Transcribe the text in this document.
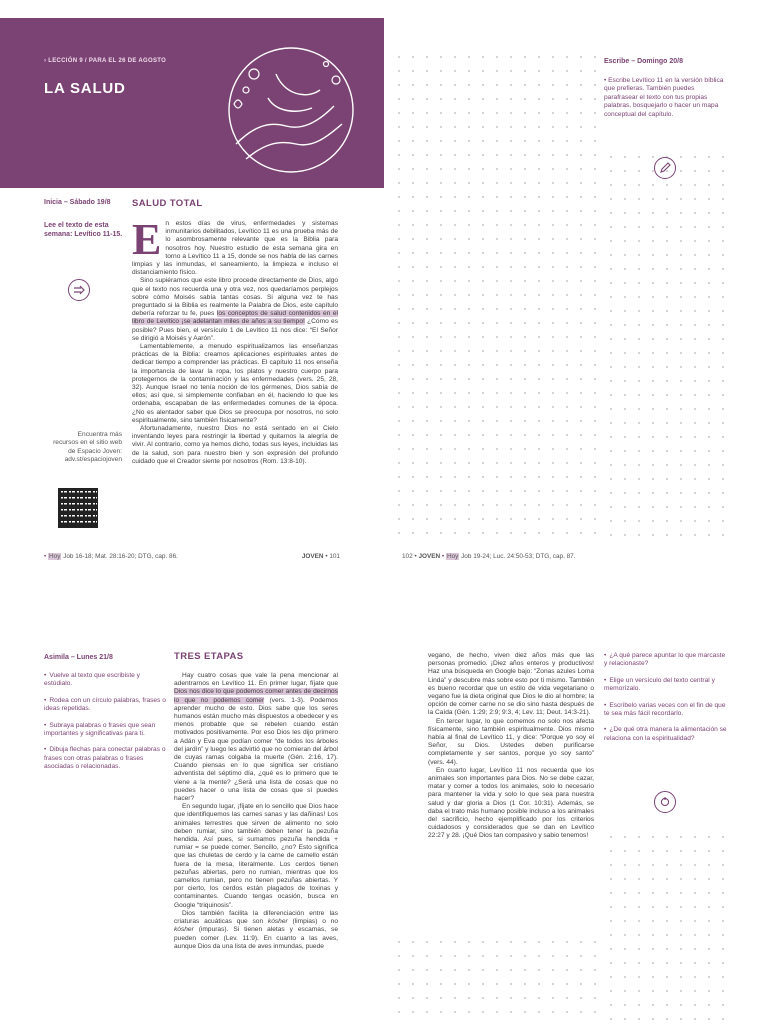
› LECCIÓN 9 / PARA EL 26 DE AGOSTO
LA SALUD
Inicia – Sábado 19/8
Lee el texto de esta semana: Levítico 11-15.
Encuentra más recursos en el sitio web de Espacio Joven: adv.st/espaciojoven
SALUD TOTAL

En estos días de virus, enfermedades y sistemas inmunitarios debilitados, Levítico 11 es una prueba más de lo asombrosamente relevante que es la Biblia para nosotros hoy. Nuestro estudio de esta semana gira en torno a Levítico 11 a 15, donde se nos habla de las carnes limpias y las inmundas, el saneamiento, la limpieza e incluso el distanciamiento físico.

Sino supiéramos que este libro procede directamente de Dios, algo que el texto nos recuerda una y otra vez, nos quedaríamos perplejos sobre cómo Moisés sabía tantas cosas. Si alguna vez te has preguntado si la Biblia es realmente la Palabra de Dios, este capítulo debería reforzar tu fe, pues los conceptos de salud contenidos en el libro de Levítico ¡se adelantan miles de años a su tiempo! ¿Cómo es posible? Pues bien, el versículo 1 de Levítico 11 nos dice: “El Señor se dirigió a Moisés y Aarón”.

Lamentablemente, a menudo espiritualizamos las enseñanzas prácticas de la Biblia: creamos aplicaciones espirituales antes de dedicar tiempo a comprender las prácticas. El capítulo 11 nos enseña la importancia de lavar la ropa, los platos y nuestro cuerpo para protegernos de la contaminación y las enfermedades (vers. 25, 28, 32). Aunque Israel no tenía noción de los gérmenes, Dios sabía de ellos; así que, si simplemente confiaban en él, haciendo lo que les ordenaba, escapaban de las enfermedades comunes de la época. ¿No es alentador saber que Dios se preocupa por nosotros, no solo espiritualmente, sino también físicamente?

Afortunadamente, nuestro Dios no está sentado en el Cielo inventando leyes para restringir la libertad y quitarnos la alegría de vivir. Al contrario, como ya hemos dicho, todas sus leyes, incluidas las de la salud, son para nuestro bien y son expresión del profundo cuidado que el Creador siente por nosotros (Rom. 13:8-10).

• Hoy Job 16-18; Mat. 28:16-20; DTG, cap. 86.	JOVEN • 101
Escribe – Domingo 20/8
• Escribe Levítico 11 en la versión bíblica que prefieras. También puedes parafrasear el texto con tus propias palabras, bosquejarlo o hacer un mapa conceptual del capítulo.
102 • JOVEN • Hoy Job 19-24; Luc. 24:50-53; DTG, cap. 87.
Asimila – Lunes 21/8
• Vuelve al texto que escribiste y estúdialo.
• Rodea con un círculo palabras, frases o ideas repetidas.
• Subraya palabras o frases que sean importantes y significativas para ti.
• Dibuja flechas para conectar palabras o frases con otras palabras o frases asociadas o relacionadas.
TRES ETAPAS

Hay cuatro cosas que vale la pena mencionar al adentrarnos en Levítico 11. En primer lugar, fíjate que Dios nos dice lo que podemos comer antes de decirnos lo que no podemos comer (vers. 1-3). Podemos aprender mucho de esto. Dios sabe que los seres humanos están mucho más dispuestos a obedecer y es menos probable que se rebelen cuando están motivados positivamente. Por eso Dios les dijo primero a Adán y Eva que podían comer “de todos los árboles del jardín” y luego les advirtió que no comieran del árbol de cuyas ramas colgaba la muerte (Gén. 2:16, 17). Cuando piensas en lo que significa ser cristiano adventista del séptimo día, ¿qué es lo primero que te viene a la mente? ¿Será una lista de cosas que no puedes hacer o una lista de cosas que sí puedes hacer?

En segundo lugar, ¡fíjate en lo sencillo que Dios hace que identifiquemos las carnes sanas y las dañinas! Los animales terrestres que sirven de alimento no solo deben rumiar, sino también deben tener la pezuña hendida. Así pues, si sumamos pezuña hendida + rumiar = se puede comer. Sencillo, ¿no? Esto significa que las chuletas de cerdo y la carne de camello están fuera de la mesa, literalmente. Los cerdos tienen pezuñas abiertas, pero no rumian, mientras que los camellos rumian, pero no tienen pezuñas abiertas. Y por cierto, los cerdos están plagados de toxinas y contaminantes. Cuando tengas ocasión, busca en Google “triquinosis”.

Dios también facilita la diferenciación entre las criaturas acuáticas que son kósher (limpias) o no kósher (impuras). Si tienen aletas y escamas, se pueden comer (Lev. 11:9). En cuanto a las aves, aunque Dios da una lista de aves inmundas, puede

vegano, de hecho, viven diez años más que las personas promedio. ¡Diez años enteros y productivos! Haz una búsqueda en Google bajo: “Zonas azules Loma Linda” y descubre más sobre esto por ti mismo. También es bueno recordar que un estilo de vida vegetariano o vegano fue la dieta original que Dios le dio al hombre; la opción de comer carne no se dio sino hasta después de la Caída (Gén. 1:29; 2:9; 9:3, 4; Lev. 11; Deut. 14:3-21).

En tercer lugar, lo que comemos no solo nos afecta físicamente, sino también espiritualmente. Dios mismo había al final de Levítico 11, y dice: “Porque yo soy el Señor, su Dios. Ustedes deben purificarse completamente y ser santos, porque yo soy santo” (vers. 44).

En cuarto lugar, Levítico 11 nos recuerda que los animales son importantes para Dios. No se debe cazar, matar y comer a todos los animales, solo lo necesario para mantener la vida y solo lo que sea para nuestra salud y dar gloria a Dios (1 Cor. 10:31). Además, se daba el trato más humano posible incluso a los animales del sacrificio, hecho ejemplificado por los criterios cuidadosos y considerados que se dan en Levítico 22:27 y 28. ¡Qué Dios tan compasivo y sabio tenemos!

• ¿A qué parece apuntar lo que marcaste y relacionaste?
• Elige un versículo del texto central y memorízalo.
• Escríbelo varias veces con el fin de que te sea más fácil recordarlo.
• ¿De qué otra manera la alimentación se relaciona con la espiritualidad?
